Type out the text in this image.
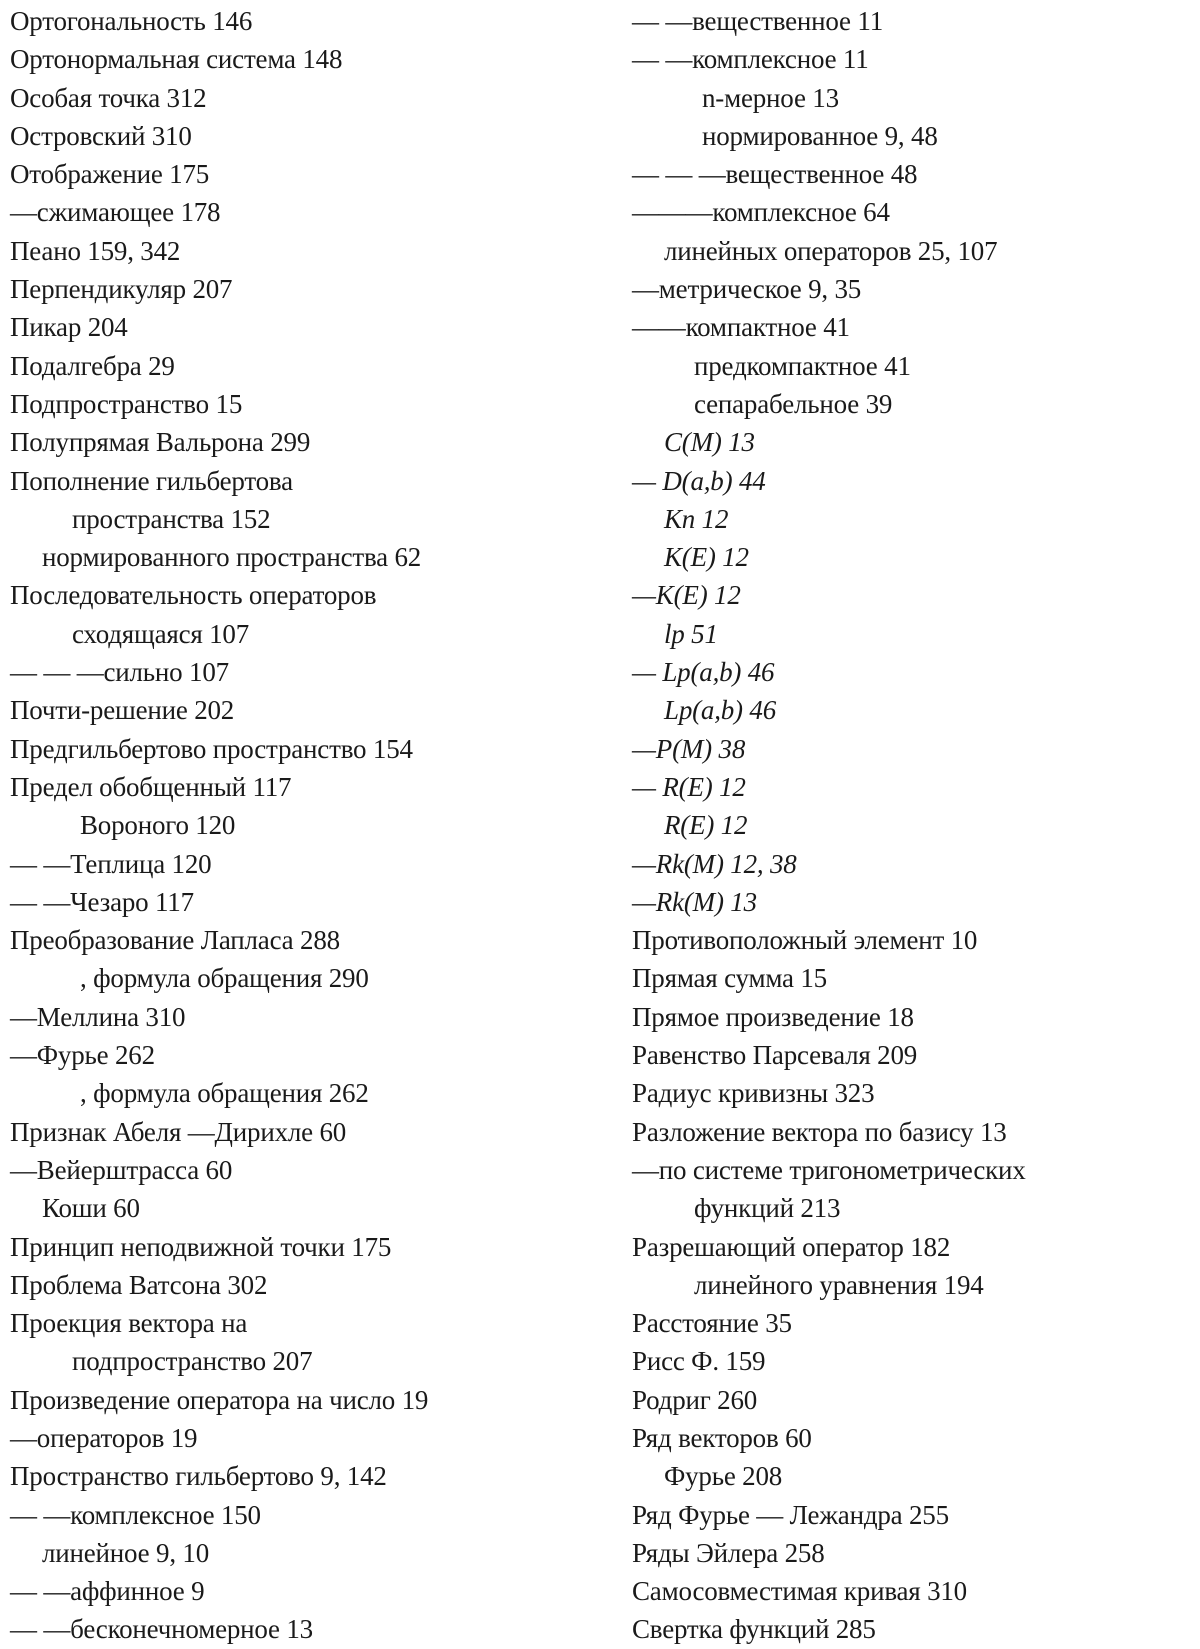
Ортогональность 146
Ортонормальная система 148
Особая точка 312
Островский 310
Отображение 175
—сжимающее 178
Пеано 159, 342
Перпендикуляр 207
Пикар 204
Подалгебра 29
Подпространство 15
Полупрямая Вальрона 299
Пополнение гильбертова
пространства 152
нормированного пространства 62
Последовательность операторов
сходящаяся 107
— — —сильно 107
Почти-решение 202
Предгильбертово пространство 154
Предел обобщенный 117
Вороного 120
— —Теплица 120
— —Чезаро 117
Преобразование Лапласа 288
, формула обращения 290
—Меллина 310
—Фурье 262
, формула обращения 262
Признак Абеля —Дирихле 60
—Вейерштрасса 60
Коши 60
Принцип неподвижной точки 175
Проблема Ватсона 302
Проекция вектора на
подпространство 207
Произведение оператора на число 19
—операторов 19
Пространство гильбертово 9, 142
— —комплексное 150
линейное 9, 10
— —аффинное 9
— —бесконечномерное 13
— —вещественное 11
— —комплексное 11
n-мерное 13
нормированное 9, 48
— — —вещественное 48
———комплексное 64
линейных операторов 25, 107
—метрическое 9, 35
——компактное 41
предкомпактное 41
сепарабельное 39
C(M) 13
— D(a,b) 44
Kn 12
K(E) 12
—K(E) 12
lp 51
— Lp(a,b) 46
Lp(a,b) 46
—P(M) 38
— R(E) 12
R(E) 12
—Rk(M) 12, 38
—Rk(M) 13
Противоположный элемент 10
Прямая сумма 15
Прямое произведение 18
Равенство Парсеваля 209
Радиус кривизны 323
Разложение вектора по базису 13
—по системе тригонометрических
функций 213
Разрешающий оператор 182
линейного уравнения 194
Расстояние 35
Рисс Ф. 159
Родриг 260
Ряд векторов 60
Фурье 208
Ряд Фурье — Лежандра 255
Ряды Эйлера 258
Самосовместимая кривая 310
Свертка функций 285
